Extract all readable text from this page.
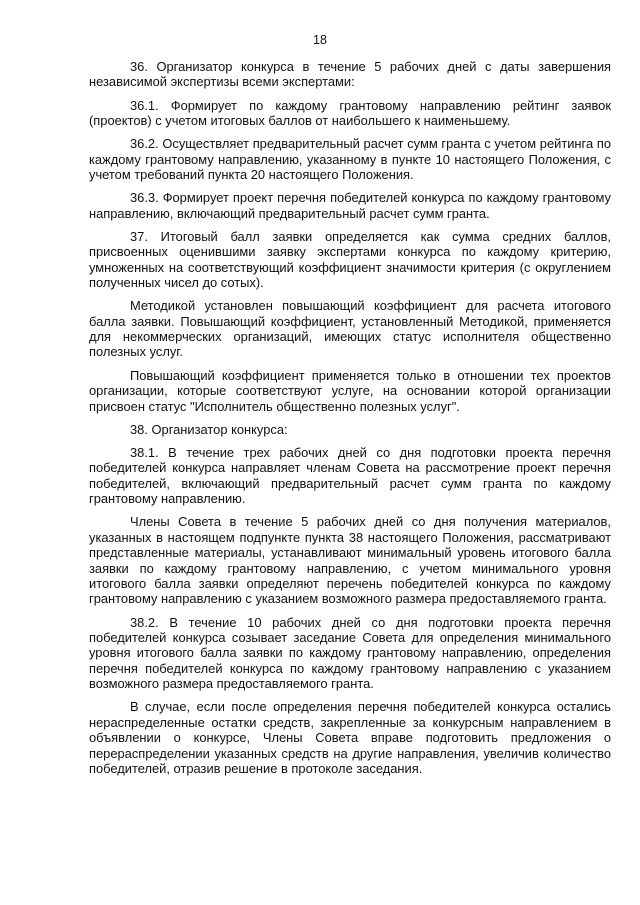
18

36. Организатор конкурса в течение 5 рабочих дней с даты завершения независимой экспертизы всеми экспертами:

36.1. Формирует по каждому грантовому направлению рейтинг заявок (проектов) с учетом итоговых баллов от наибольшего к наименьшему.

36.2. Осуществляет предварительный расчет сумм гранта с учетом рейтинга по каждому грантовому направлению, указанному в пункте 10 настоящего Положения, с учетом требований пункта 20 настоящего Положения.

36.3. Формирует проект перечня победителей конкурса по каждому грантовому направлению, включающий предварительный расчет сумм гранта.

37. Итоговый балл заявки определяется как сумма средних баллов, присвоенных оценившими заявку экспертами конкурса по каждому критерию, умноженных на соответствующий коэффициент значимости критерия (с округлением полученных чисел до сотых).

Методикой установлен повышающий коэффициент для расчета итогового балла заявки. Повышающий коэффициент, установленный Методикой, применяется для некоммерческих организаций, имеющих статус исполнителя общественно полезных услуг.

Повышающий коэффициент применяется только в отношении тех проектов организации, которые соответствуют услуге, на основании которой организации присвоен статус "Исполнитель общественно полезных услуг".

38. Организатор конкурса:

38.1. В течение трех рабочих дней со дня подготовки проекта перечня победителей конкурса направляет членам Совета на рассмотрение проект перечня победителей, включающий предварительный расчет сумм гранта по каждому грантовому направлению.

Члены Совета в течение 5 рабочих дней со дня получения материалов, указанных в настоящем подпункте пункта 38 настоящего Положения, рассматривают представленные материалы, устанавливают минимальный уровень итогового балла заявки по каждому грантовому направлению, с учетом минимального уровня итогового балла заявки определяют перечень победителей конкурса по каждому грантовому направлению с указанием возможного размера предоставляемого гранта.

38.2. В течение 10 рабочих дней со дня подготовки проекта перечня победителей конкурса созывает заседание Совета для определения минимального уровня итогового балла заявки по каждому грантовому направлению, определения перечня победителей конкурса по каждому грантовому направлению с указанием возможного размера предоставляемого гранта.

В случае, если после определения перечня победителей конкурса остались нераспределенные остатки средств, закрепленные за конкурсным направлением в объявлении о конкурсе, Члены Совета вправе подготовить предложения о перераспределении указанных средств на другие направления, увеличив количество победителей, отразив решение в протоколе заседания.
